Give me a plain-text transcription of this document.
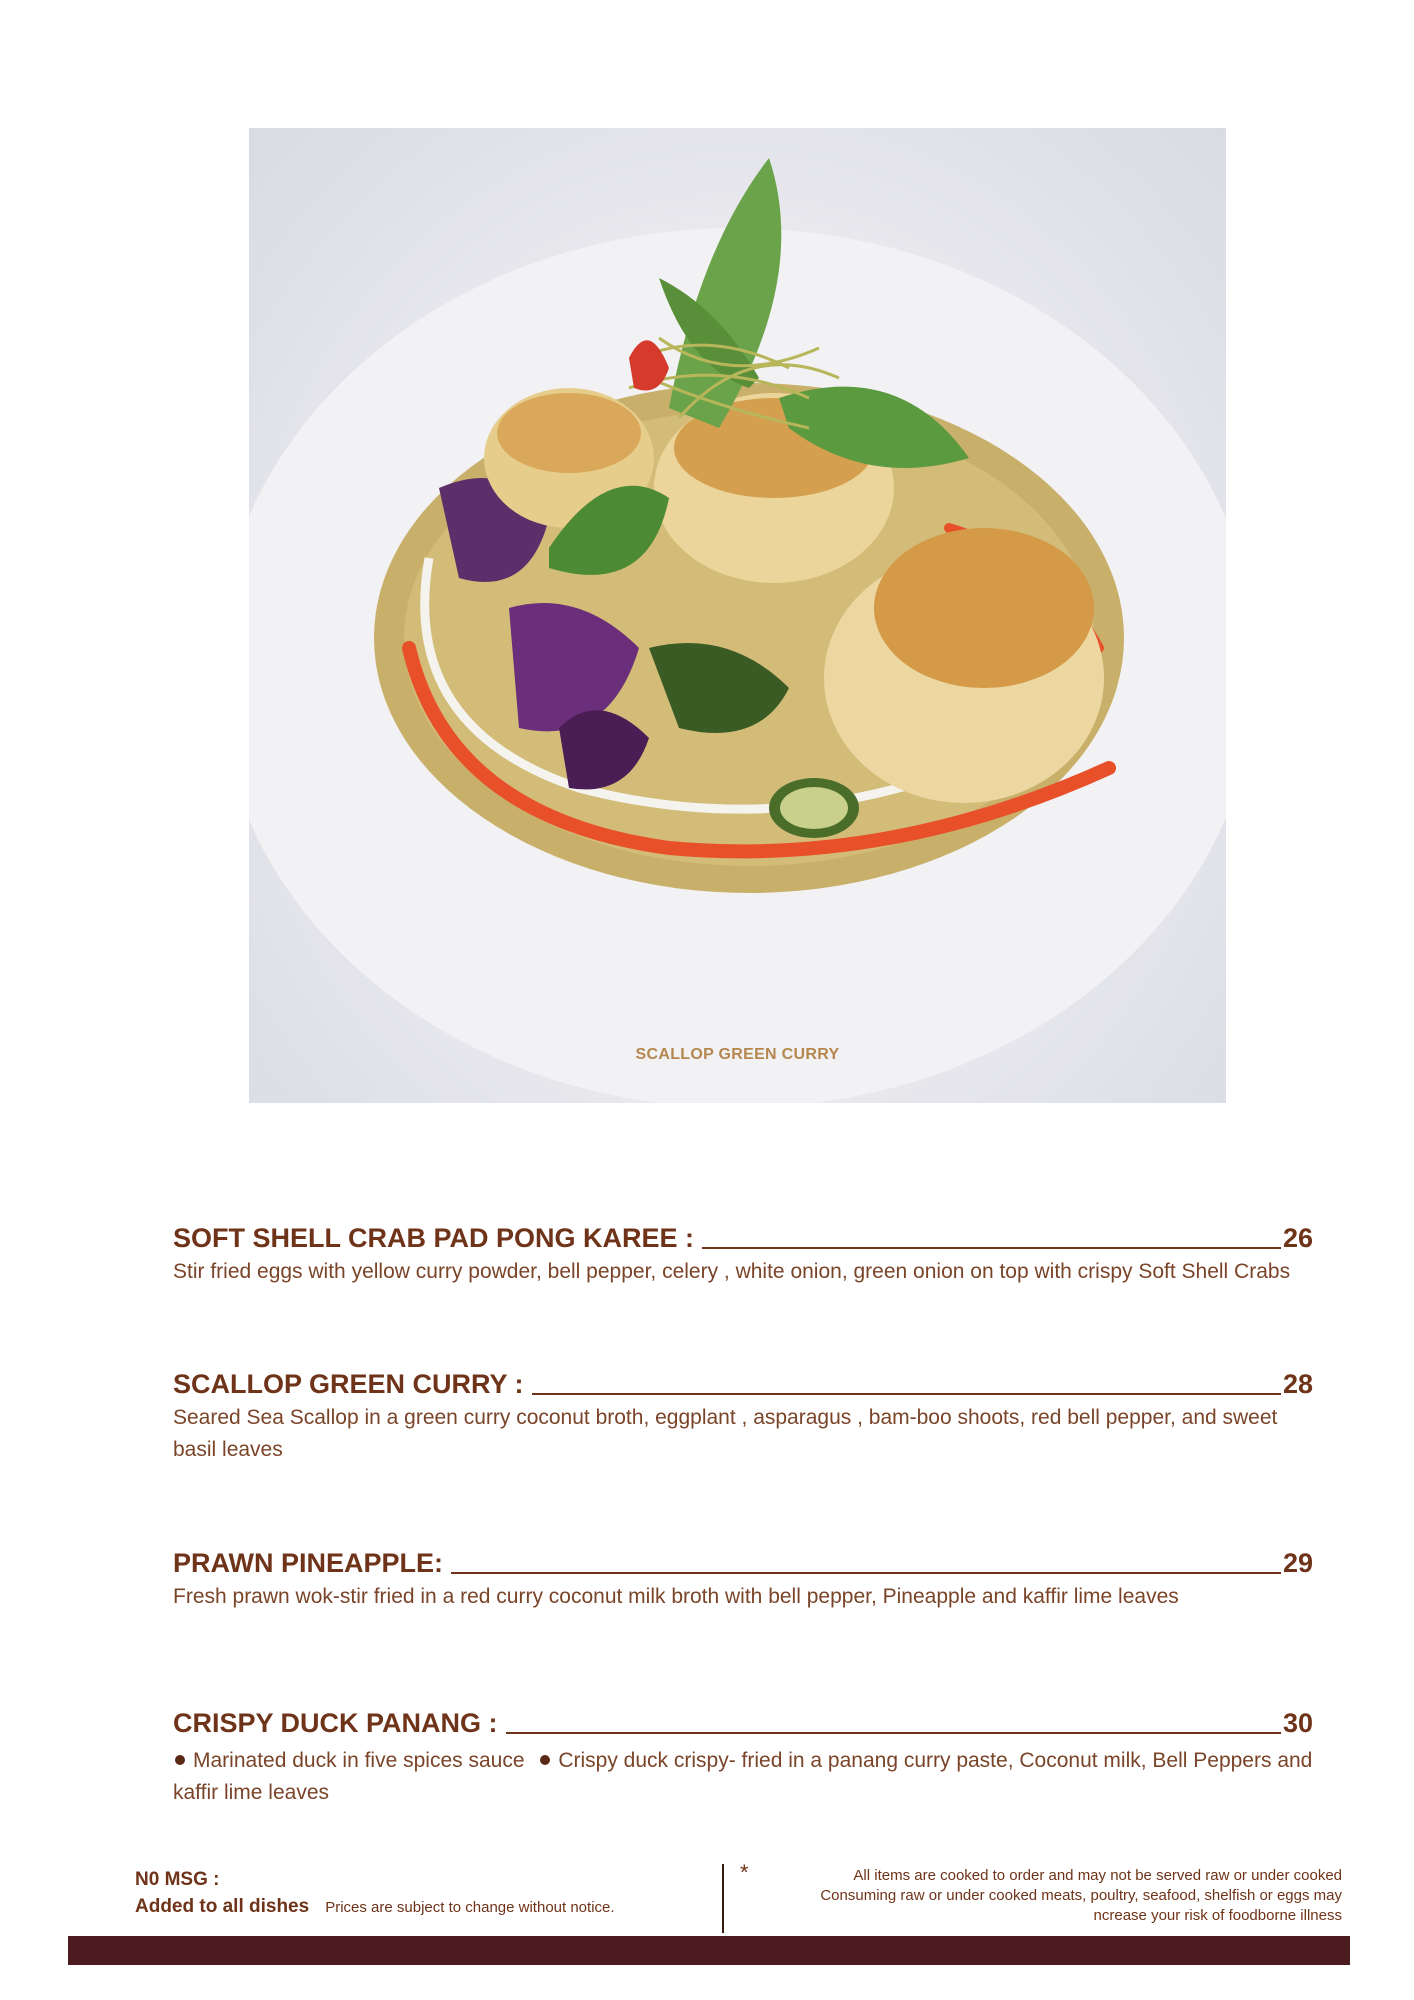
SCALLOP GREEN CURRY
SOFT SHELL CRAB PAD PONG KAREE :	26
Stir fried eggs with yellow curry powder, bell pepper, celery , white onion, green onion on top with crispy Soft Shell Crabs
SCALLOP GREEN CURRY :	28
Seared Sea Scallop in a green curry coconut broth, eggplant , asparagus , bam-boo shoots, red bell pepper, and sweet basil leaves
PRAWN PINEAPPLE:	29
Fresh prawn wok-stir fried in a red curry coconut milk broth with bell pepper, Pineapple and kaffir lime leaves
CRISPY DUCK PANANG :	30
Marinated duck in five spices sauce Crispy duck crispy- fried in a panang curry paste, Coconut milk, Bell Peppers and kaffir lime leaves
N0 MSG :
Added to all dishes Prices are subject to change without notice.
*	All items are cooked to order and may not be served raw or under cooked
Consuming raw or under cooked meats, poultry, seafood, shelfish or eggs may
ncrease your risk of foodborne illness
